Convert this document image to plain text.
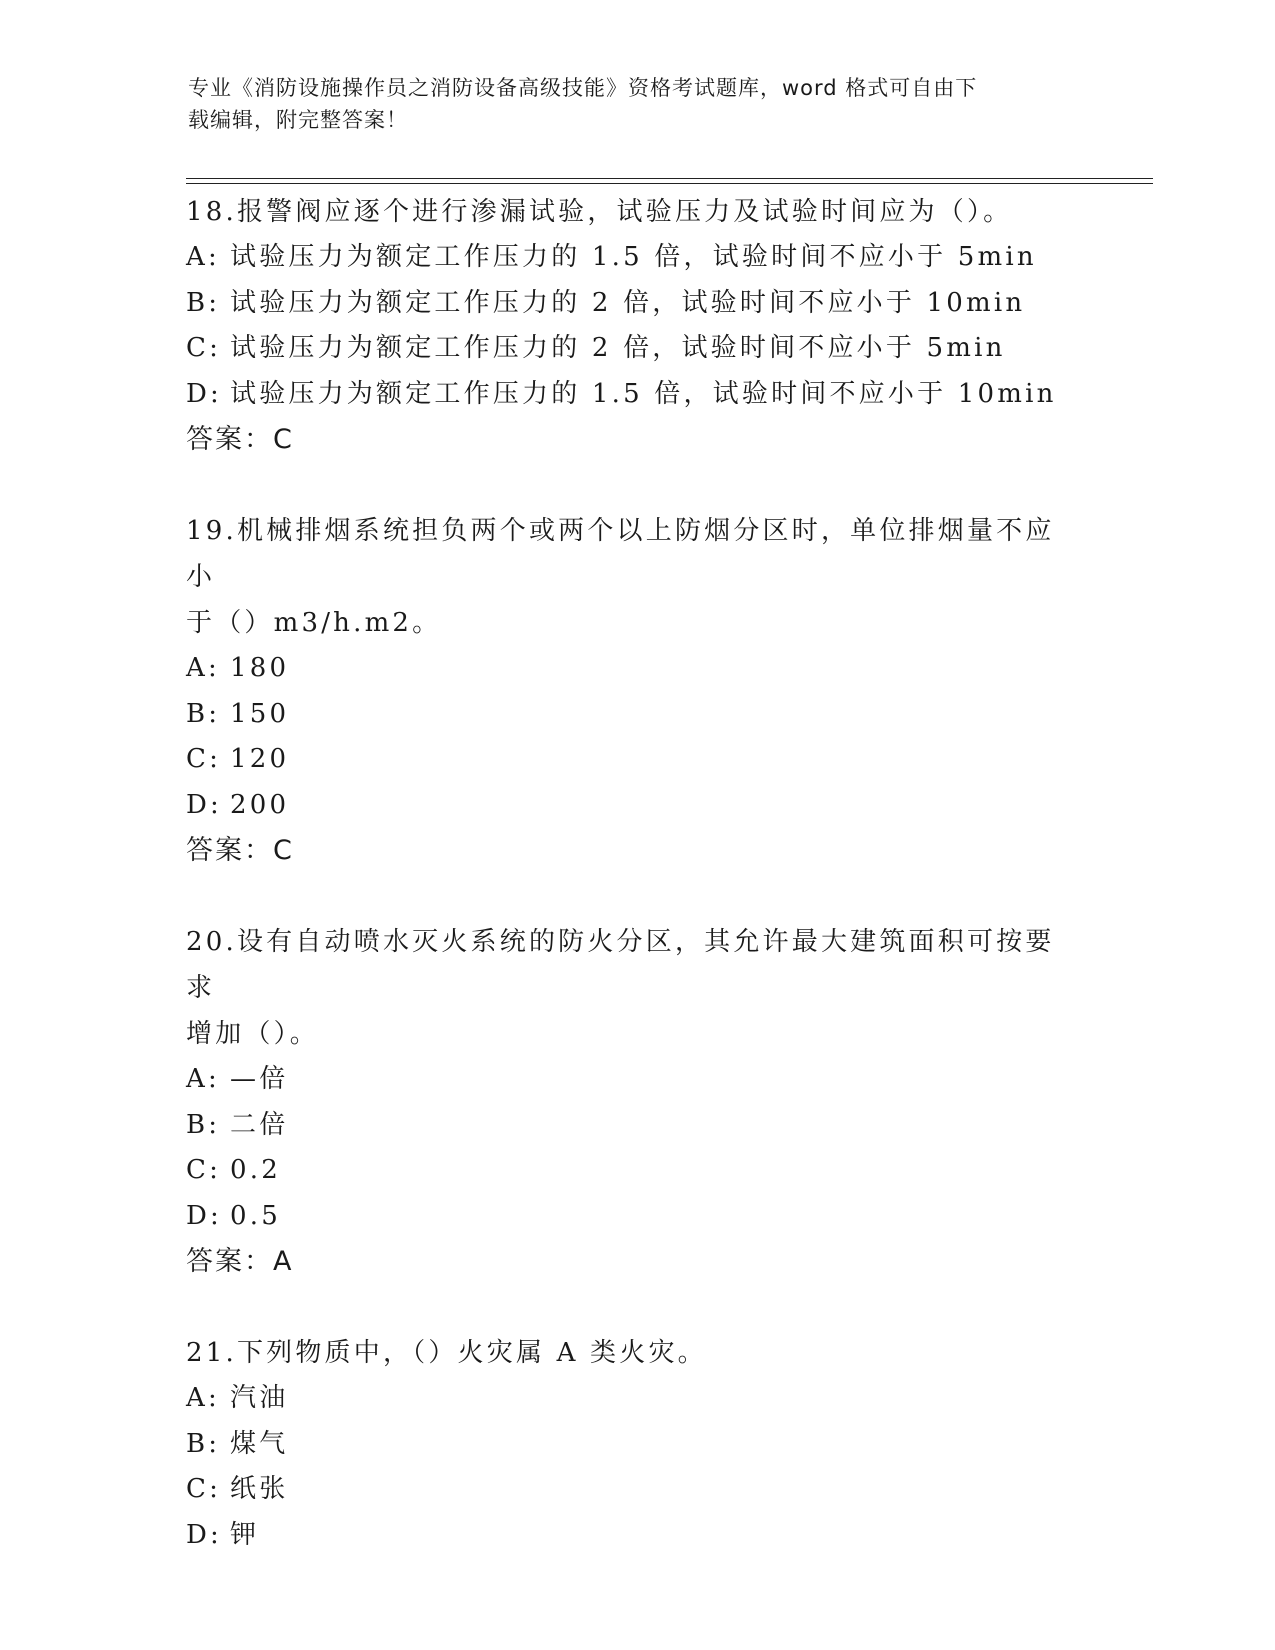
专业《消防设施操作员之消防设备高级技能》资格考试题库，word 格式可自由下
载编辑，附完整答案！
18.报警阀应逐个进行渗漏试验，试验压力及试验时间应为（）。
A: 试验压力为额定工作压力的 1.5 倍，试验时间不应小于 5min
B: 试验压力为额定工作压力的 2 倍，试验时间不应小于 10min
C: 试验压力为额定工作压力的 2 倍，试验时间不应小于 5min
D: 试验压力为额定工作压力的 1.5 倍，试验时间不应小于 10min
答案：C
19.机械排烟系统担负两个或两个以上防烟分区时，单位排烟量不应小
于（）m3/h.m2。
A: 180
B: 150
C: 120
D: 200
答案：C
20.设有自动喷水灭火系统的防火分区，其允许最大建筑面积可按要求
增加（）。
A: —倍
B: 二倍
C: 0.2
D: 0.5
答案：A
21.下列物质中，（）火灾属 A 类火灾。
A: 汽油
B: 煤气
C: 纸张
D: 钾
